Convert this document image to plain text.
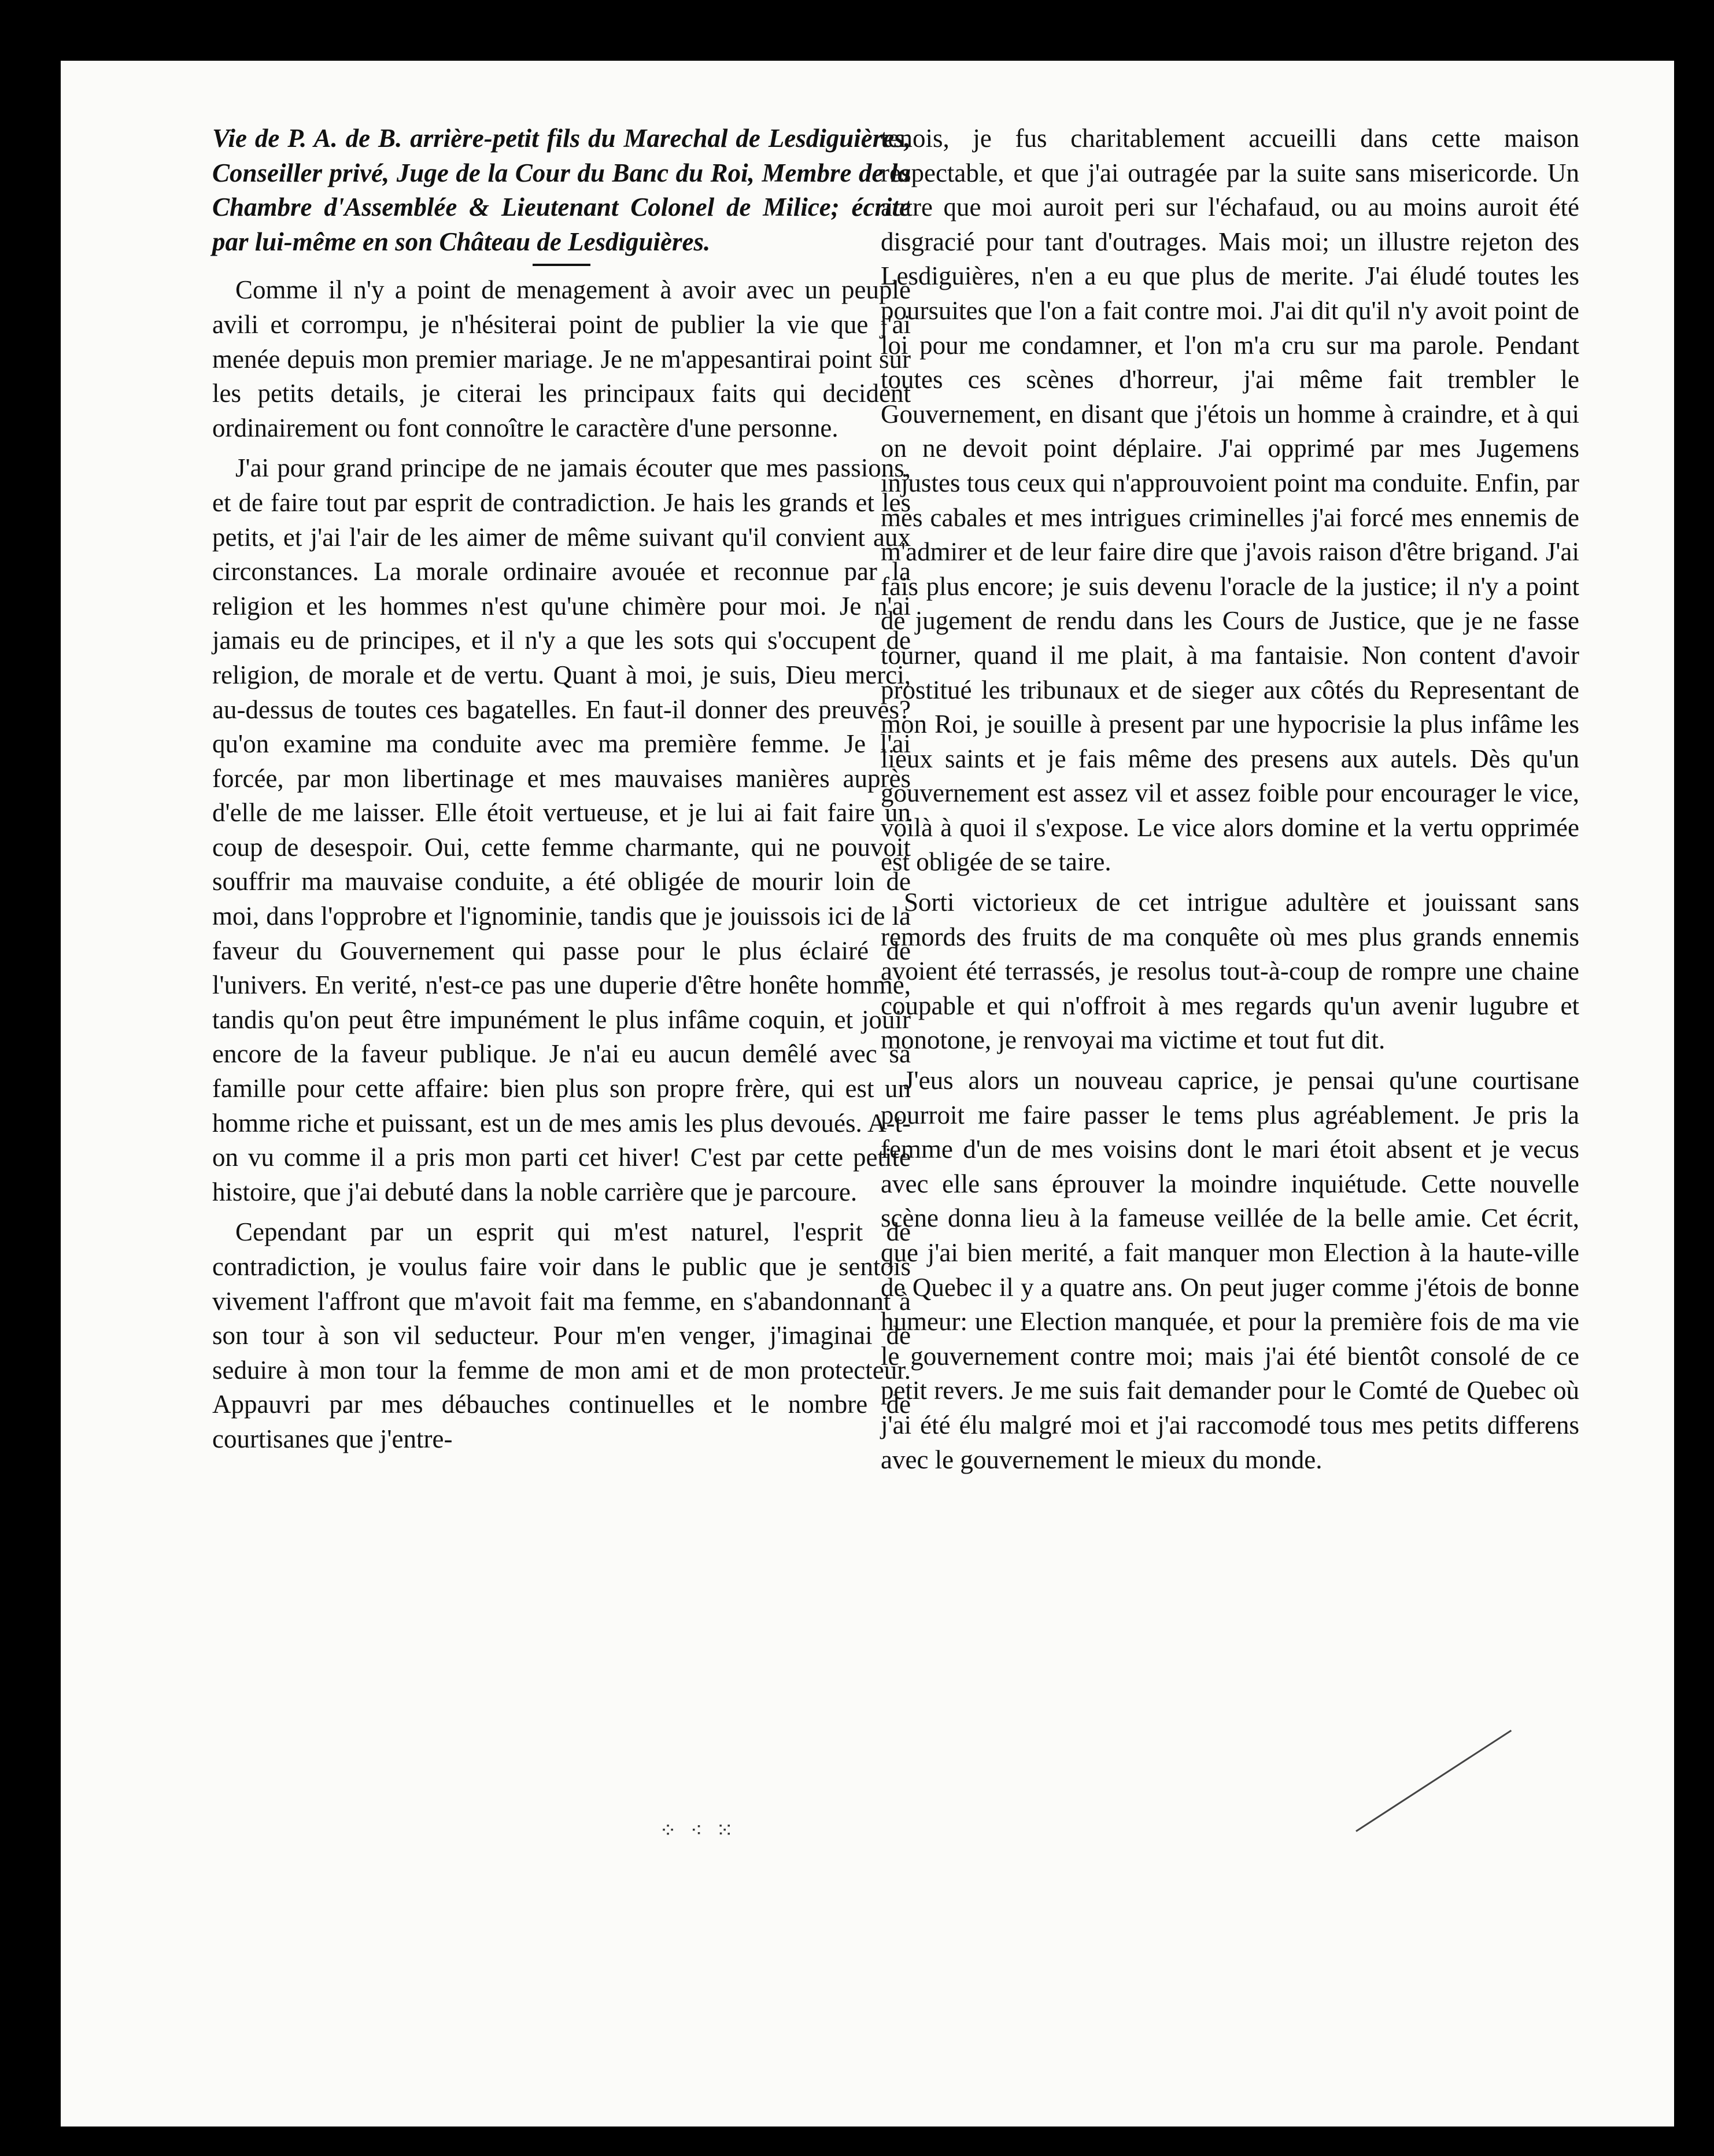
Vie de P. A. de B. arrière-petit fils du Marechal de Lesdiguières, Conseiller privé, Juge de la Cour du Banc du Roi, Membre de la Chambre d'Assemblée & Lieutenant Colonel de Milice; écrite par lui-même en son Château de Lesdiguières.

Comme il n'y a point de menagement à avoir avec un peuple avili et corrompu, je n'hésiterai point de publier la vie que j'ai menée depuis mon premier mariage. Je ne m'appesantirai point sur les petits details, je citerai les principaux faits qui decident ordinairement ou font connoître le caractère d'une personne.

J'ai pour grand principe de ne jamais écouter que mes passions, et de faire tout par esprit de contradiction. Je hais les grands et les petits, et j'ai l'air de les aimer de même suivant qu'il convient aux circonstances. La morale ordinaire avouée et reconnue par la religion et les hommes n'est qu'une chimère pour moi. Je n'ai jamais eu de principes, et il n'y a que les sots qui s'occupent de religion, de morale et de vertu. Quant à moi, je suis, Dieu merci, au-dessus de toutes ces bagatelles. En faut-il donner des preuves? qu'on examine ma conduite avec ma première femme. Je l'ai forcée, par mon libertinage et mes mauvaises manières auprès d'elle de me laisser. Elle étoit vertueuse, et je lui ai fait faire un coup de desespoir. Oui, cette femme charmante, qui ne pouvoit souffrir ma mauvaise conduite, a été obligée de mourir loin de moi, dans l'opprobre et l'ignominie, tandis que je jouissois ici de la faveur du Gouvernement qui passe pour le plus éclairé de l'univers. En verité, n'est-ce pas une duperie d'être honête homme, tandis qu'on peut être impunément le plus infâme coquin, et jouir encore de la faveur publique. Je n'ai eu aucun demêlé avec sa famille pour cette affaire: bien plus son propre frère, qui est un homme riche et puissant, est un de mes amis les plus devoués. A-t-on vu comme il a pris mon parti cet hiver! C'est par cette petite histoire, que j'ai debuté dans la noble carrière que je parcoure.

Cependant par un esprit qui m'est naturel, l'esprit de contradiction, je voulus faire voir dans le public que je sentois vivement l'affront que m'avoit fait ma femme, en s'abandonnant à son tour à son vil seducteur. Pour m'en venger, j'imaginai de seduire à mon tour la femme de mon ami et de mon protecteur. Appauvri par mes débauches continuelles et le nombre de courtisanes que j'entre-

tenois, je fus charitablement accueilli dans cette maison respectable, et que j'ai outragée par la suite sans misericorde. Un autre que moi auroit peri sur l'échafaud, ou au moins auroit été disgracié pour tant d'outrages. Mais moi; un illustre rejeton des Lesdiguières, n'en a eu que plus de merite. J'ai éludé toutes les poursuites que l'on a fait contre moi. J'ai dit qu'il n'y avoit point de loi pour me condamner, et l'on m'a cru sur ma parole. Pendant toutes ces scènes d'horreur, j'ai même fait trembler le Gouvernement, en disant que j'étois un homme à craindre, et à qui on ne devoit point déplaire. J'ai opprimé par mes Jugemens injustes tous ceux qui n'approuvoient point ma conduite. Enfin, par mes cabales et mes intrigues criminelles j'ai forcé mes ennemis de m'admirer et de leur faire dire que j'avois raison d'être brigand. J'ai fais plus encore; je suis devenu l'oracle de la justice; il n'y a point de jugement de rendu dans les Cours de Justice, que je ne fasse tourner, quand il me plait, à ma fantaisie. Non content d'avoir prostitué les tribunaux et de sieger aux côtés du Representant de mon Roi, je souille à present par une hypocrisie la plus infâme les lieux saints et je fais même des presens aux autels. Dès qu'un gouvernement est assez vil et assez foible pour encourager le vice, voilà à quoi il s'expose. Le vice alors domine et la vertu opprimée est obligée de se taire.

Sorti victorieux de cet intrigue adultère et jouissant sans remords des fruits de ma conquête où mes plus grands ennemis avoient été terrassés, je resolus tout-à-coup de rompre une chaine coupable et qui n'offroit à mes regards qu'un avenir lugubre et monotone, je renvoyai ma victime et tout fut dit.

J'eus alors un nouveau caprice, je pensai qu'une courtisane pourroit me faire passer le tems plus agréablement. Je pris la femme d'un de mes voisins dont le mari étoit absent et je vecus avec elle sans éprouver la moindre inquiétude. Cette nouvelle scène donna lieu à la fameuse veillée de la belle amie. Cet écrit, que j'ai bien merité, a fait manquer mon Election à la haute-ville de Quebec il y a quatre ans. On peut juger comme j'étois de bonne humeur: une Election manquée, et pour la première fois de ma vie le gouvernement contre moi; mais j'ai été bientôt consolé de ce petit revers. Je me suis fait demander pour le Comté de Quebec où j'ai été élu malgré moi et j'ai raccomodé tous mes petits differens avec le gouvernement le mieux du monde.

⁘ ⁖ ⁙
